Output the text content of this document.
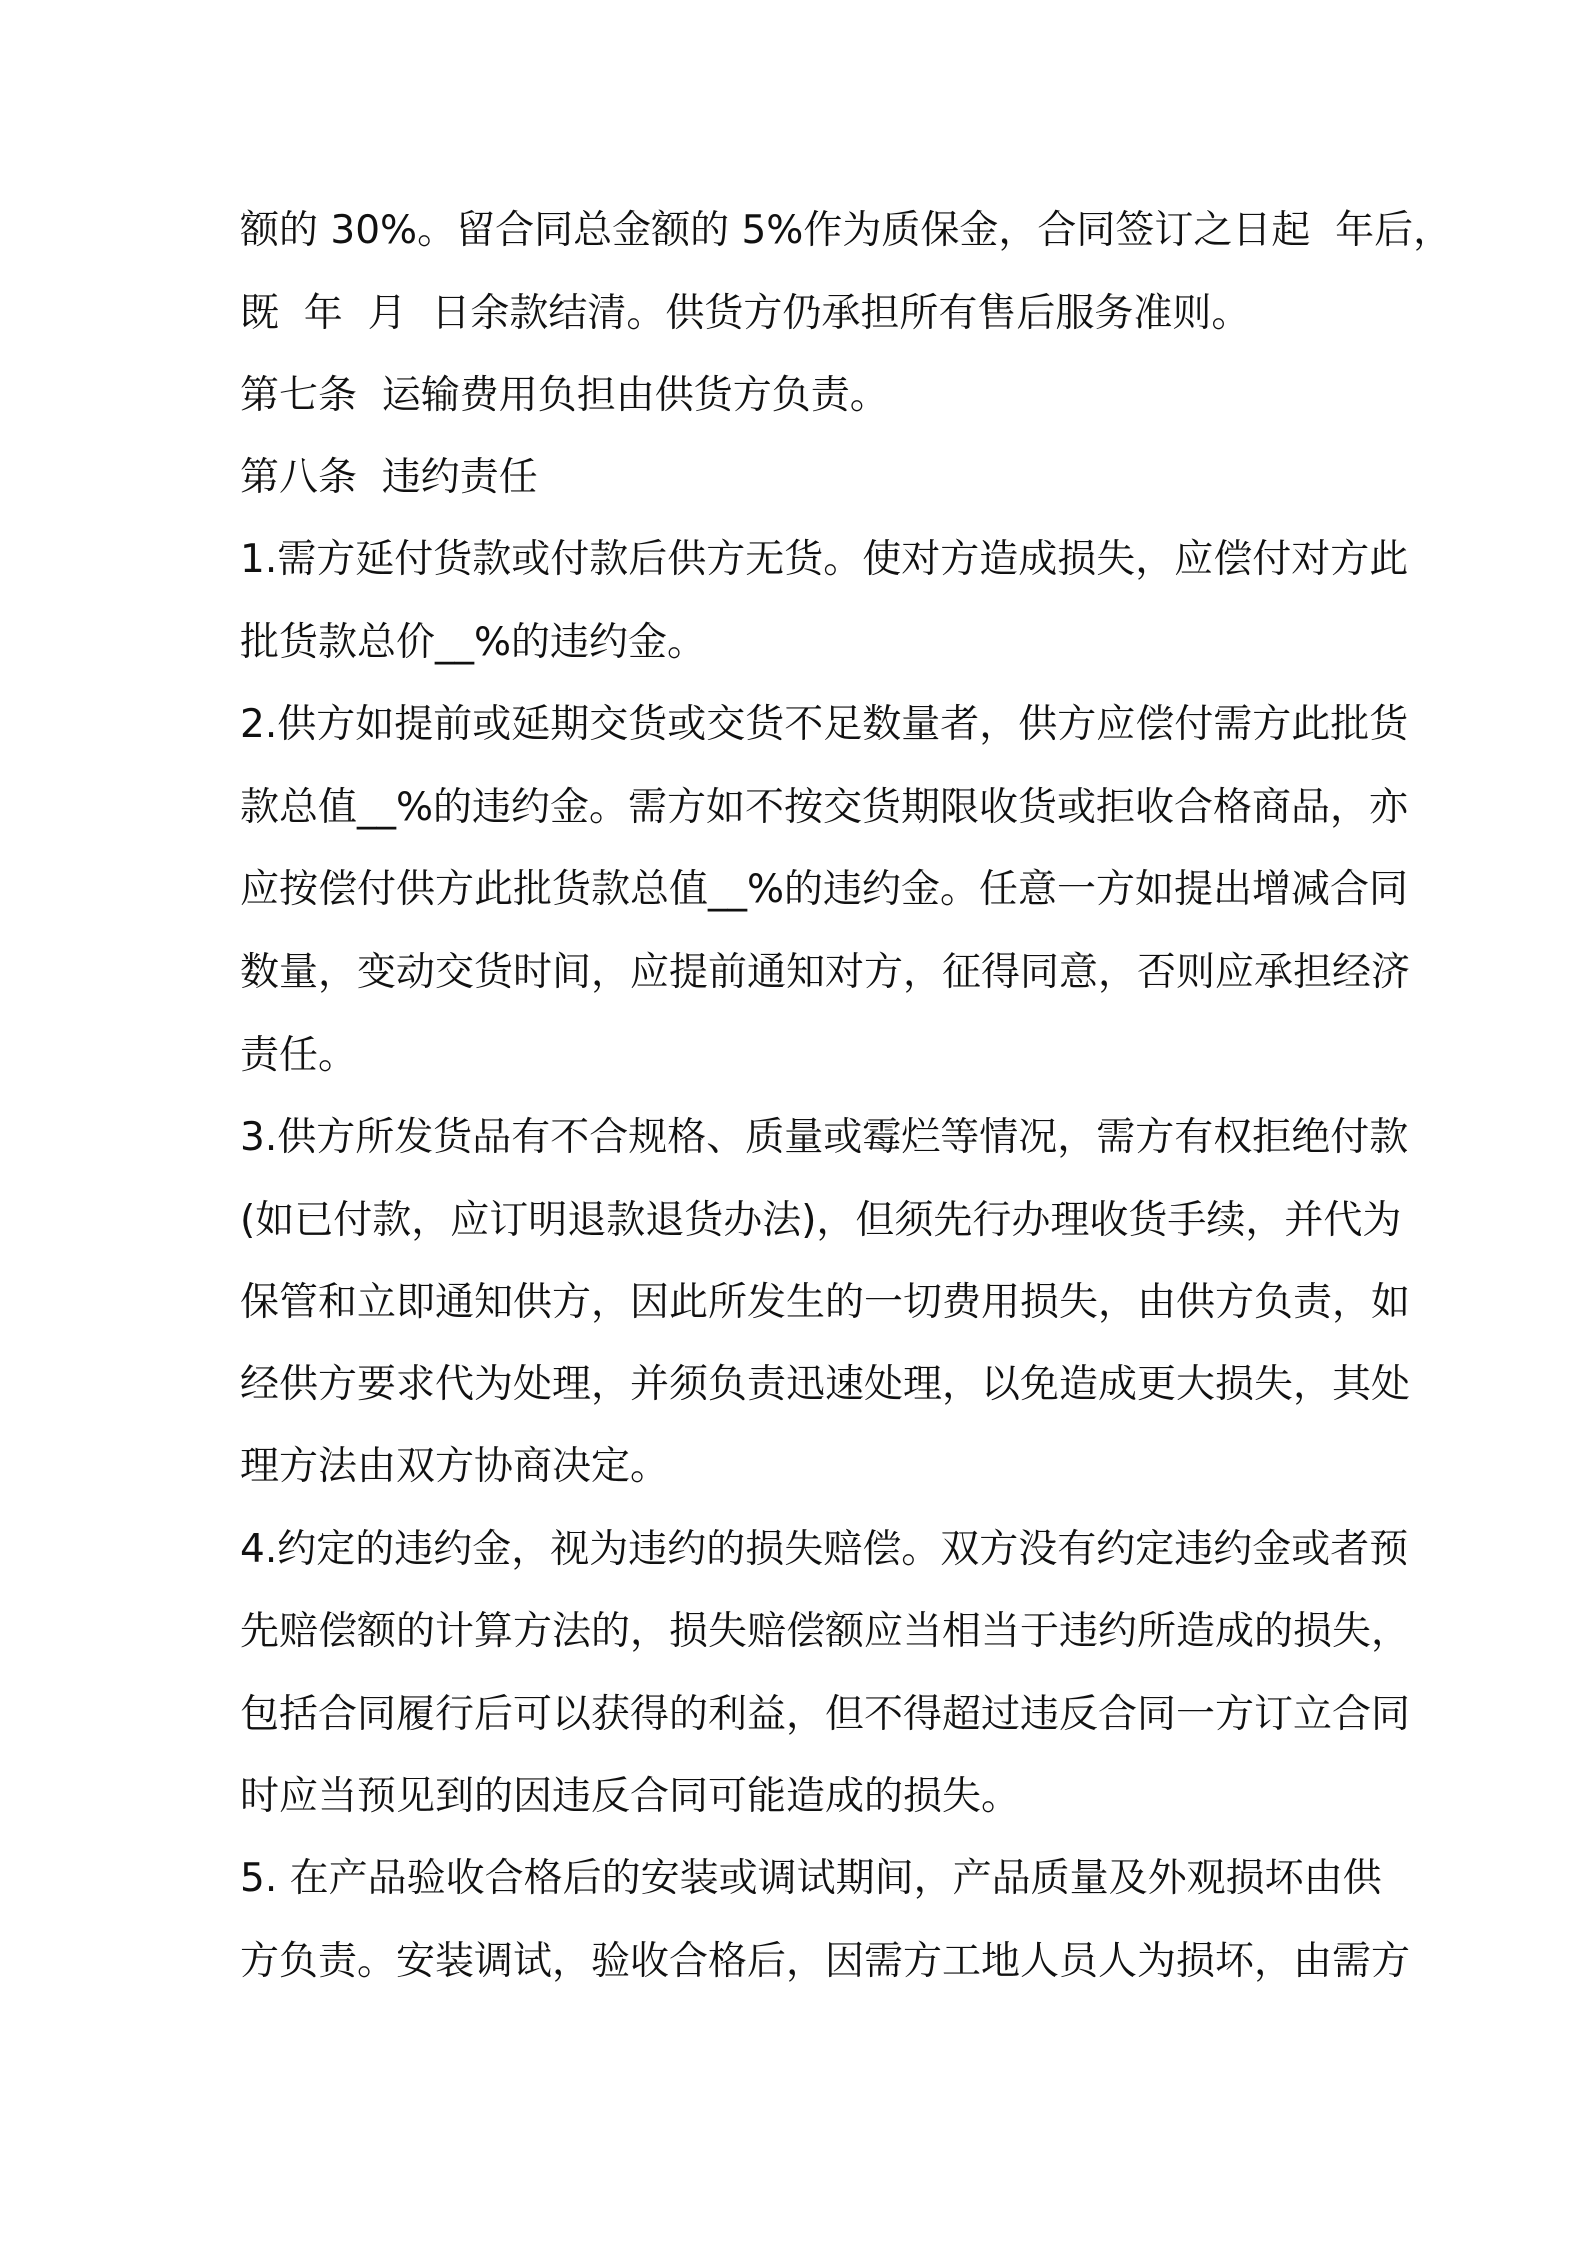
额的 30%。留合同总金额的 5%作为质保金，合同签订之日起  年后，

既  年  月  日余款结清。供货方仍承担所有售后服务准则。

第七条  运输费用负担由供货方负责。

第八条  违约责任

1.需方延付货款或付款后供方无货。使对方造成损失，应偿付对方此

批货款总价__%的违约金。

2.供方如提前或延期交货或交货不足数量者，供方应偿付需方此批货

款总值__%的违约金。需方如不按交货期限收货或拒收合格商品，亦

应按偿付供方此批货款总值__%的违约金。任意一方如提出增减合同

数量，变动交货时间，应提前通知对方，征得同意，否则应承担经济

责任。

3.供方所发货品有不合规格、质量或霉烂等情况，需方有权拒绝付款

(如已付款，应订明退款退货办法)，但须先行办理收货手续，并代为

保管和立即通知供方，因此所发生的一切费用损失，由供方负责，如

经供方要求代为处理，并须负责迅速处理，以免造成更大损失，其处

理方法由双方协商决定。

4.约定的违约金，视为违约的损失赔偿。双方没有约定违约金或者预

先赔偿额的计算方法的，损失赔偿额应当相当于违约所造成的损失，

包括合同履行后可以获得的利益，但不得超过违反合同一方订立合同

时应当预见到的因违反合同可能造成的损失。

5. 在产品验收合格后的安装或调试期间，产品质量及外观损坏由供

方负责。安装调试，验收合格后，因需方工地人员人为损坏，由需方
